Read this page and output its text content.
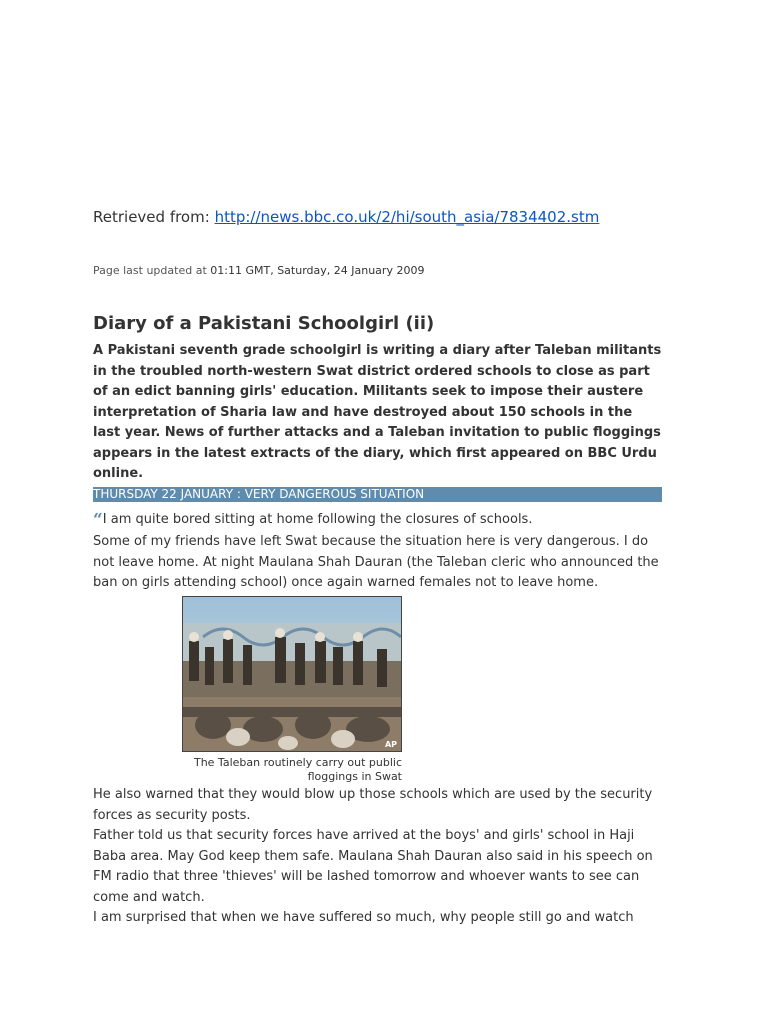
Retrieved from: http://news.bbc.co.uk/2/hi/south_asia/7834402.stm
Page last updated at 01:11 GMT, Saturday, 24 January 2009
Diary of a Pakistani Schoolgirl (ii)

A Pakistani seventh grade schoolgirl is writing a diary after Taleban militants in the troubled north-western Swat district ordered schools to close as part of an edict banning girls' education. Militants seek to impose their austere interpretation of Sharia law and have destroyed about 150 schools in the last year. News of further attacks and a Taleban invitation to public floggings appears in the latest extracts of the diary, which first appeared on BBC Urdu online.

THURSDAY 22 JANUARY : VERY DANGEROUS SITUATION

“I am quite bored sitting at home following the closures of schools.

Some of my friends have left Swat because the situation here is very dangerous. I do not leave home. At night Maulana Shah Dauran (the Taleban cleric who announced the ban on girls attending school) once again warned females not to leave home.

AP
The Taleban routinely carry out public floggings in Swat

He also warned that they would blow up those schools which are used by the security forces as security posts.

Father told us that security forces have arrived at the boys' and girls' school in Haji Baba area. May God keep them safe. Maulana Shah Dauran also said in his speech on FM radio that three 'thieves' will be lashed tomorrow and whoever wants to see can come and watch.

I am surprised that when we have suffered so much, why people still go and watch
